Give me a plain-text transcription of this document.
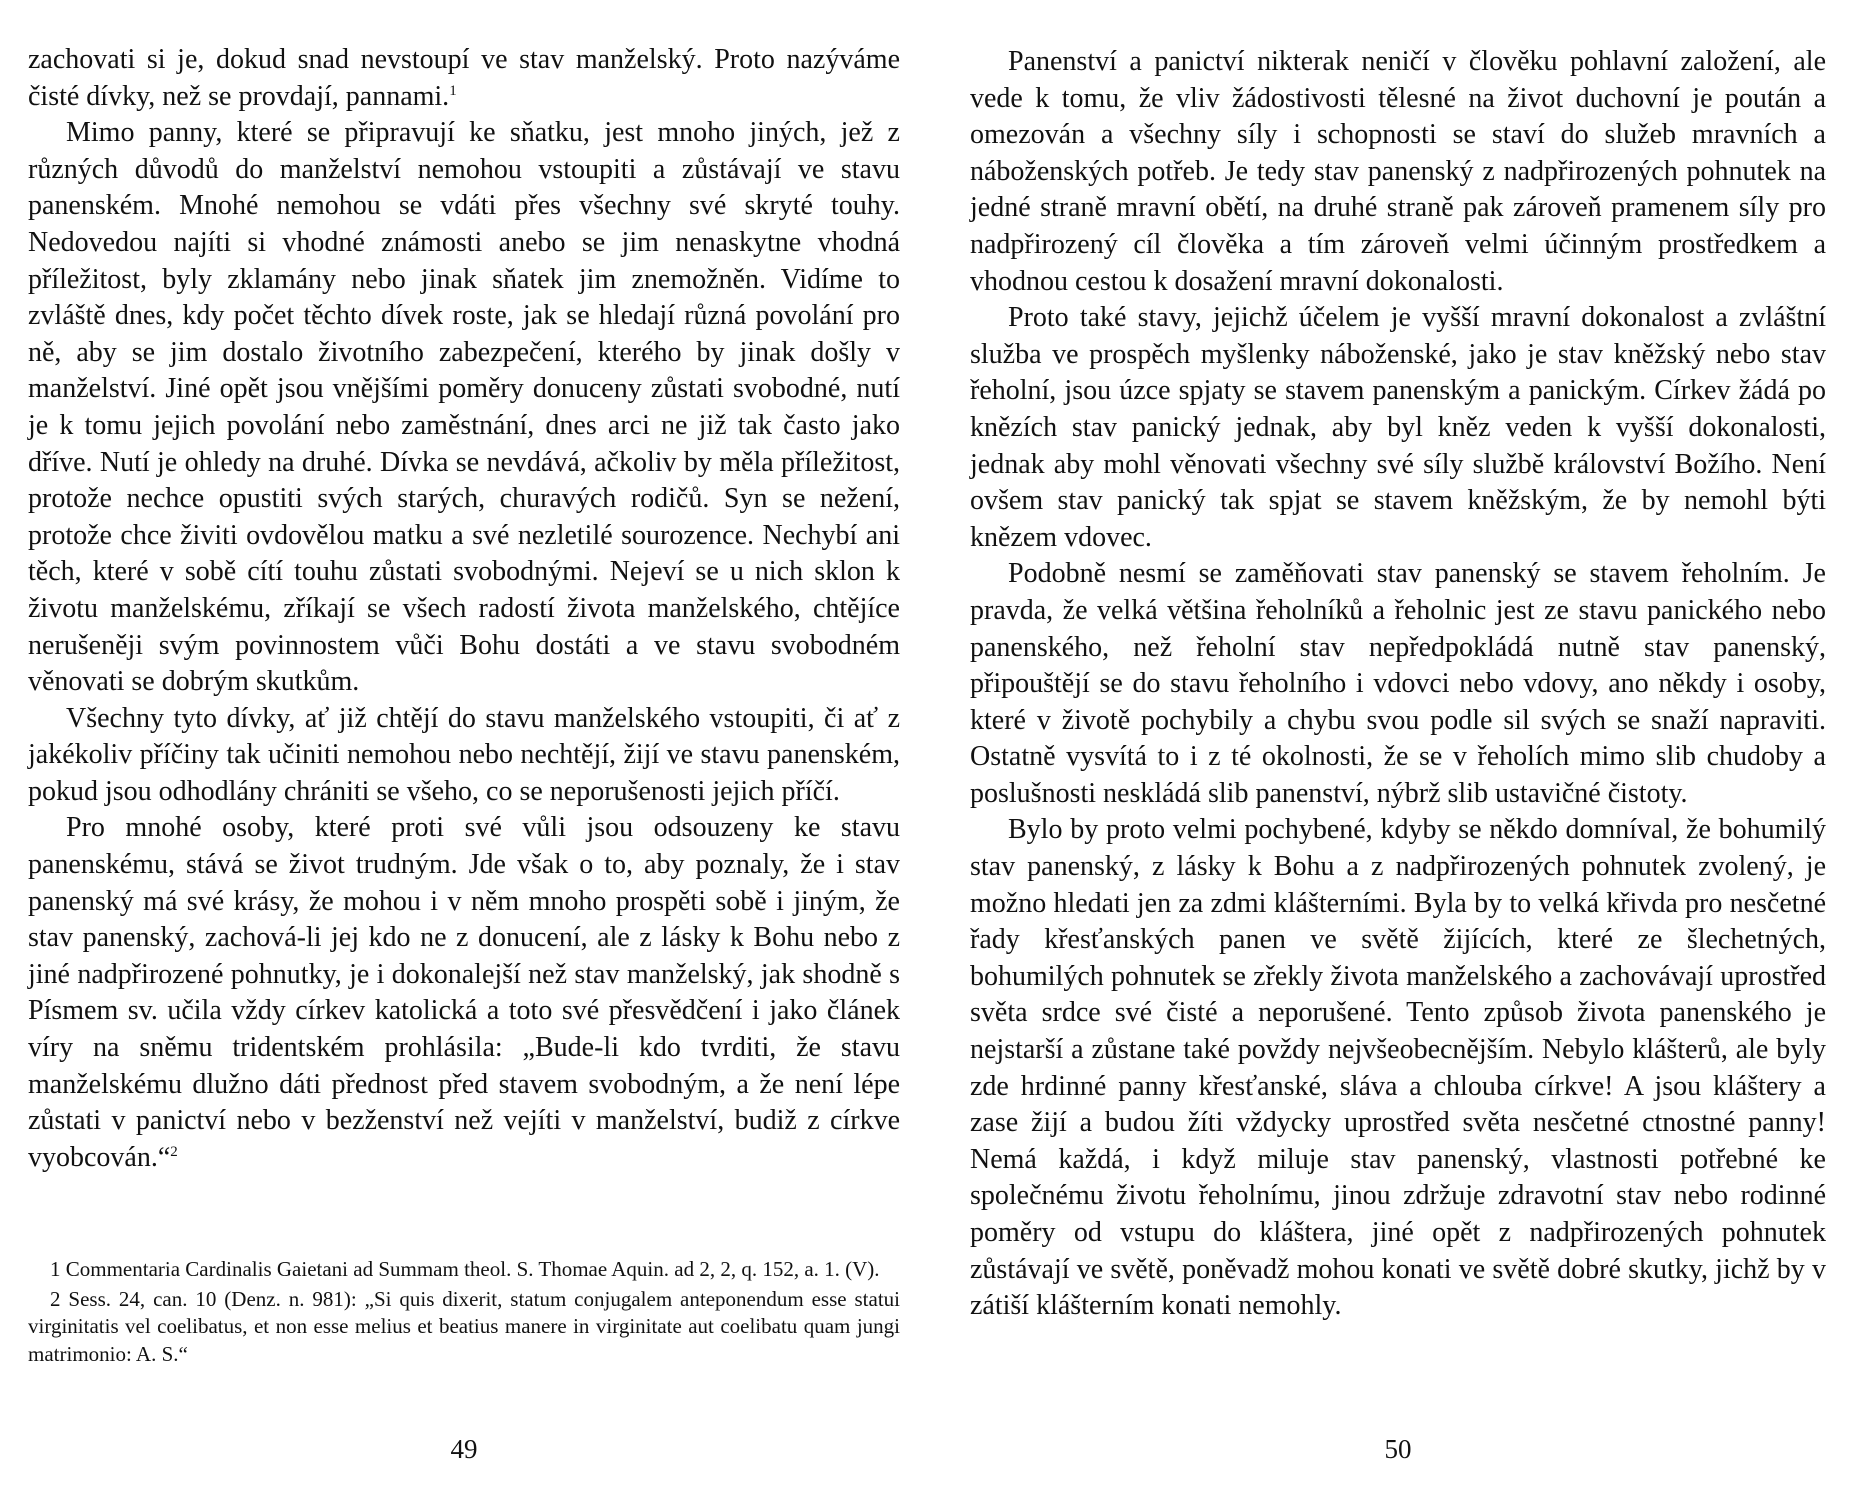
zachovati si je, dokud snad nevstoupí ve stav manželský. Proto nazýváme čisté dívky, než se provdají, pannami.$^1$

Mimo panny, které se připravují ke sňatku, jest mnoho jiných, jež z různých důvodů do manželství nemohou vstoupiti a zůstávají ve stavu panenském. Mnohé nemohou se vdáti přes všechny své skryté touhy. Nedovedou najíti si vhodné známosti anebo se jim nenaskytne vhodná příležitost, byly zklamány nebo jinak sňatek jim znemožněn. Vidíme to zvláště dnes, kdy počet těchto dívek roste, jak se hledají různá povolání pro ně, aby se jim dostalo životního zabezpečení, kterého by jinak došly v manželství. Jiné opět jsou vnějšími poměry donuceny zůstati svobodné, nutí je k tomu jejich povolání nebo zaměstnání, dnes arci ne již tak často jako dříve. Nutí je ohledy na druhé. Dívka se nevdává, ačkoliv by měla příležitost, protože nechce opustiti svých starých, churavých rodičů. Syn se nežení, protože chce živiti ovdovělou matku a své nezletilé sourozence. Nechybí ani těch, které v sobě cítí touhu zůstati svobodnými. Nejeví se u nich sklon k životu manželskému, zříkají se všech radostí života manželského, chtějíce nerušeněji svým povinnostem vůči Bohu dostáti a ve stavu svobodném věnovati se dobrým skutkům.

Všechny tyto dívky, ať již chtějí do stavu manželského vstoupiti, či ať z jakékoliv příčiny tak učiniti nemohou nebo nechtějí, žijí ve stavu panenském, pokud jsou odhodlány chrániti se všeho, co se neporušenosti jejich příčí.

Pro mnohé osoby, které proti své vůli jsou odsouzeny ke stavu panenskému, stává se život trudným. Jde však o to, aby poznaly, že i stav panenský má své krásy, že mohou i v něm mnoho prospěti sobě i jiným, že stav panenský, zachová-li jej kdo ne z donucení, ale z lásky k Bohu nebo z jiné nadpřirozené pohnutky, je i dokonalejší než stav manželský, jak shodně s Písmem sv. učila vždy církev katolická a toto své přesvědčení i jako článek víry na sněmu tridentském prohlásila: „Bude-li kdo tvrditi, že stavu manželskému dlužno dáti přednost před stavem svobodným, a že není lépe zůstati v panictví nebo v bezženství než vejíti v manželství, budiž z církve vyobcován.“$^2$

1 Commentaria Cardinalis Gaietani ad Summam theol. S. Thomae Aquin. ad 2, 2, q. 152, a. 1. (V).

2 Sess. 24, can. 10 (Denz. n. 981): „Si quis dixerit, statum conjugalem anteponendum esse statui virginitatis vel coelibatus, et non esse melius et beatius manere in virginitate aut coelibatu quam jungi matrimonio: A. S.“

49

Panenství a panictví nikterak neničí v člověku pohlavní založení, ale vede k tomu, že vliv žádostivosti tělesné na život duchovní je poután a omezován a všechny síly i schopnosti se staví do služeb mravních a náboženských potřeb. Je tedy stav panenský z nadpřirozených pohnutek na jedné straně mravní obětí, na druhé straně pak zároveň pramenem síly pro nadpřirozený cíl člověka a tím zároveň velmi účinným prostředkem a vhodnou cestou k dosažení mravní dokonalosti.

Proto také stavy, jejichž účelem je vyšší mravní dokonalost a zvláštní služba ve prospěch myšlenky náboženské, jako je stav kněžský nebo stav řeholní, jsou úzce spjaty se stavem panenským a panickým. Církev žádá po knězích stav panický jednak, aby byl kněz veden k vyšší dokonalosti, jednak aby mohl věnovati všechny své síly službě království Božího. Není ovšem stav panický tak spjat se stavem kněžským, že by nemohl býti knězem vdovec.

Podobně nesmí se zaměňovati stav panenský se stavem řeholním. Je pravda, že velká většina řeholníků a řeholnic jest ze stavu panického nebo panenského, než řeholní stav nepředpokládá nutně stav panenský, připouštějí se do stavu řeholního i vdovci nebo vdovy, ano někdy i osoby, které v životě pochybily a chybu svou podle sil svých se snaží napraviti. Ostatně vysvítá to i z té okolnosti, že se v řeholích mimo slib chudoby a poslušnosti neskládá slib panenství, nýbrž slib ustavičné čistoty.

Bylo by proto velmi pochybené, kdyby se někdo domníval, že bohumilý stav panenský, z lásky k Bohu a z nadpřirozených pohnutek zvolený, je možno hledati jen za zdmi klášterními. Byla by to velká křivda pro nesčetné řady křesťanských panen ve světě žijících, které ze šlechetných, bohumilých pohnutek se zřekly života manželského a zachovávají uprostřed světa srdce své čisté a neporušené. Tento způsob života panenského je nejstarší a zůstane také povždy nejvšeobecnějším. Nebylo klášterů, ale byly zde hrdinné panny křesťanské, sláva a chlouba církve! A jsou kláštery a zase žijí a budou žíti vždycky uprostřed světa nesčetné ctnostné panny! Nemá každá, i když miluje stav panenský, vlastnosti potřebné ke společnému životu řeholnímu, jinou zdržuje zdravotní stav nebo rodinné poměry od vstupu do kláštera, jiné opět z nadpřirozených pohnutek zůstávají ve světě, poněvadž mohou konati ve světě dobré skutky, jichž by v zátiší klášterním konati nemohly.

50
